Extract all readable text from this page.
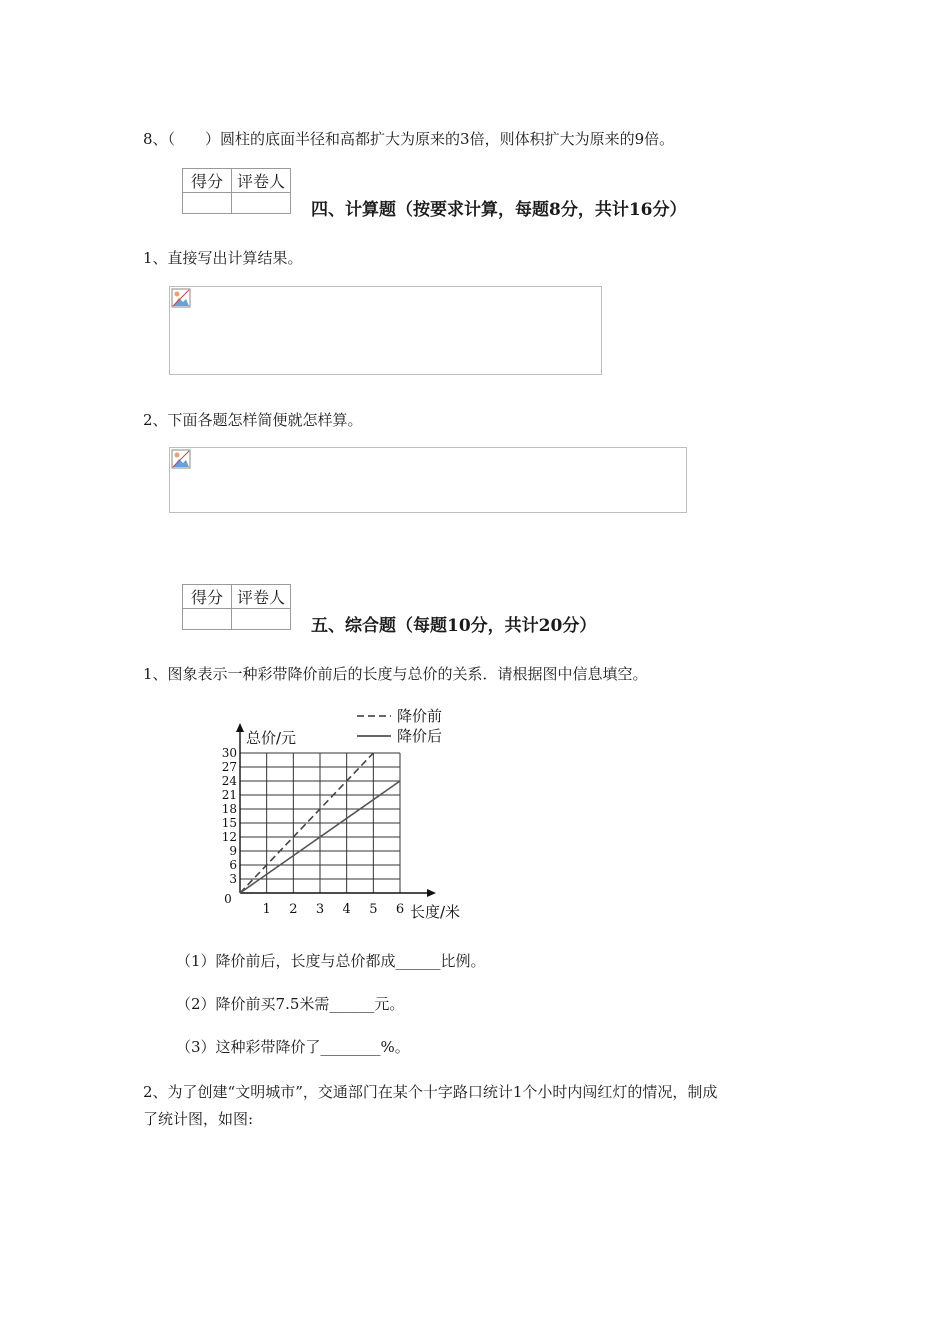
8、（　　）圆柱的底面半径和高都扩大为原来的3倍，则体积扩大为原来的9倍。
得分	评卷人

四、计算题（按要求计算，每题8分，共计16分）
1、直接写出计算结果。
2、下面各题怎样简便就怎样算。
得分	评卷人

五、综合题（每题10分，共计20分）
1、图象表示一种彩带降价前后的长度与总价的关系．请根据图中信息填空。
3
6
9
12
15
18
21
24
27
30
0
1 2 3 4 5 6
总价/元
长度/米
降价前
降价后
（1）降价前后，长度与总价都成______比例。
（2）降价前买7.5米需______元。
（3）这种彩带降价了________%。
2、为了创建“文明城市”，交通部门在某个十字路口统计1个小时内闯红灯的情况，制成
了统计图，如图:
